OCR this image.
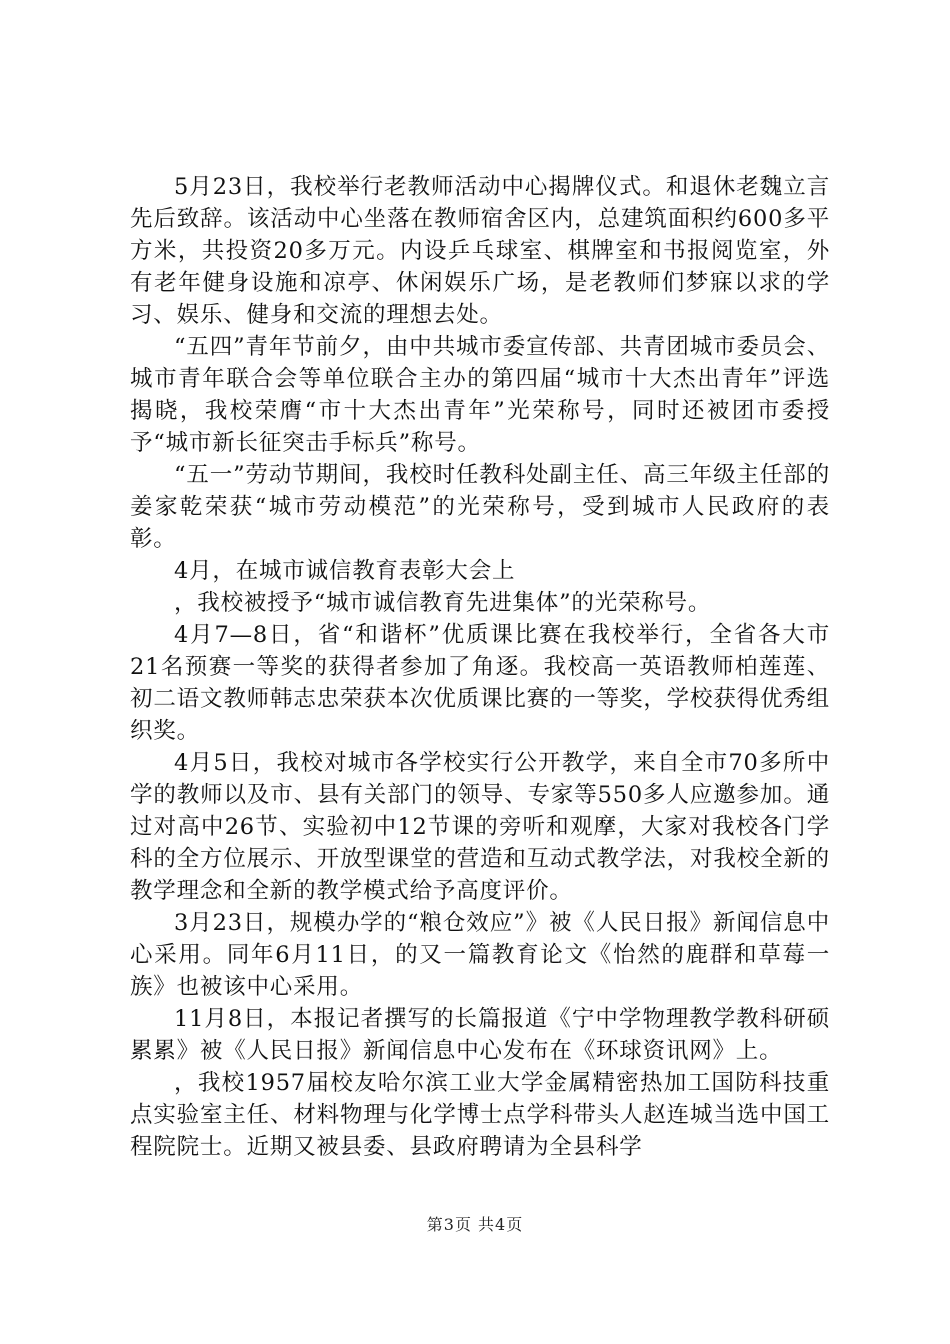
5月23日，我校举行老教师活动中心揭牌仪式。和退休老魏立言先后致辞。该活动中心坐落在教师宿舍区内，总建筑面积约600多平方米，共投资20多万元。内设乒乓球室、棋牌室和书报阅览室，外有老年健身设施和凉亭、休闲娱乐广场，是老教师们梦寐以求的学习、娱乐、健身和交流的理想去处。

“五四”青年节前夕，由中共城市委宣传部、共青团城市委员会、城市青年联合会等单位联合主办的第四届“城市十大杰出青年”评选揭晓，我校荣膺“市十大杰出青年”光荣称号，同时还被团市委授予“城市新长征突击手标兵”称号。

“五一”劳动节期间，我校时任教科处副主任、高三年级主任部的姜家乾荣获“城市劳动模范”的光荣称号，受到城市人民政府的表彰。

4月，在城市诚信教育表彰大会上

，我校被授予“城市诚信教育先进集体”的光荣称号。

4月7—8日，省“和谐杯”优质课比赛在我校举行，全省各大市21名预赛一等奖的获得者参加了角逐。我校高一英语教师柏莲莲、初二语文教师韩志忠荣获本次优质课比赛的一等奖，学校获得优秀组织奖。

4月5日，我校对城市各学校实行公开教学，来自全市70多所中学的教师以及市、县有关部门的领导、专家等550多人应邀参加。通过对高中26节、实验初中12节课的旁听和观摩，大家对我校各门学科的全方位展示、开放型课堂的营造和互动式教学法，对我校全新的教学理念和全新的教学模式给予高度评价。

3月23日，规模办学的“粮仓效应”》被《人民日报》新闻信息中心采用。同年6月11日，的又一篇教育论文《怡然的鹿群和草莓一族》也被该中心采用。

11月8日，本报记者撰写的长篇报道《宁中学物理教学教科研硕累累》被《人民日报》新闻信息中心发布在《环球资讯网》上。

，我校1957届校友哈尔滨工业大学金属精密热加工国防科技重点实验室主任、材料物理与化学博士点学科带头人赵连城当选中国工程院院士。近期又被县委、县政府聘请为全县科学

第3页 共4页
